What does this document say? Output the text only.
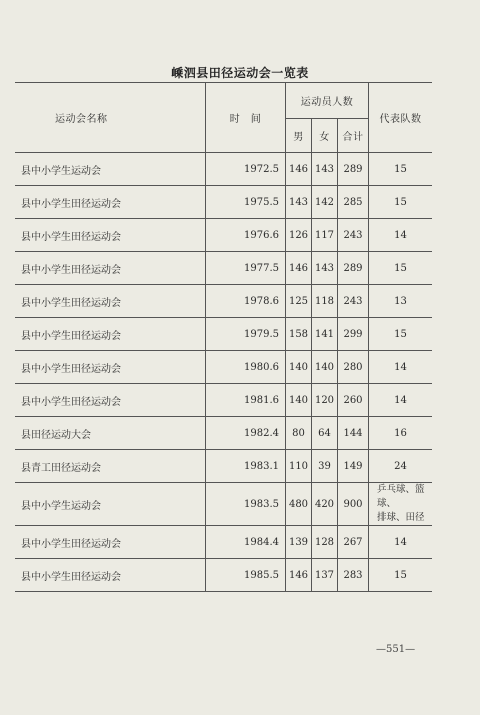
嵊泗县田径运动会一览表
运动会名称	时　间	运动员人数			代表队数
		男	女	合计	
县中小学生运动会	1972.5	146	143	289	15
县中小学生田径运动会	1975.5	143	142	285	15
县中小学生田径运动会	1976.6	126	117	243	14
县中小学生田径运动会	1977.5	146	143	289	15
县中小学生田径运动会	1978.6	125	118	243	13
县中小学生田径运动会	1979.5	158	141	299	15
县中小学生田径运动会	1980.6	140	140	280	14
县中小学生田径运动会	1981.6	140	120	260	14
县田径运动大会	1982.4	80	64	144	16
县青工田径运动会	1983.1	110	39	149	24
县中小学生运动会	1983.5	480	420	900	乒乓球、篮球、
排球、田径

县中小学生田径运动会	1984.4	139	128	267	14
县中小学生田径运动会	1985.5	146	137	283	15
—551—
